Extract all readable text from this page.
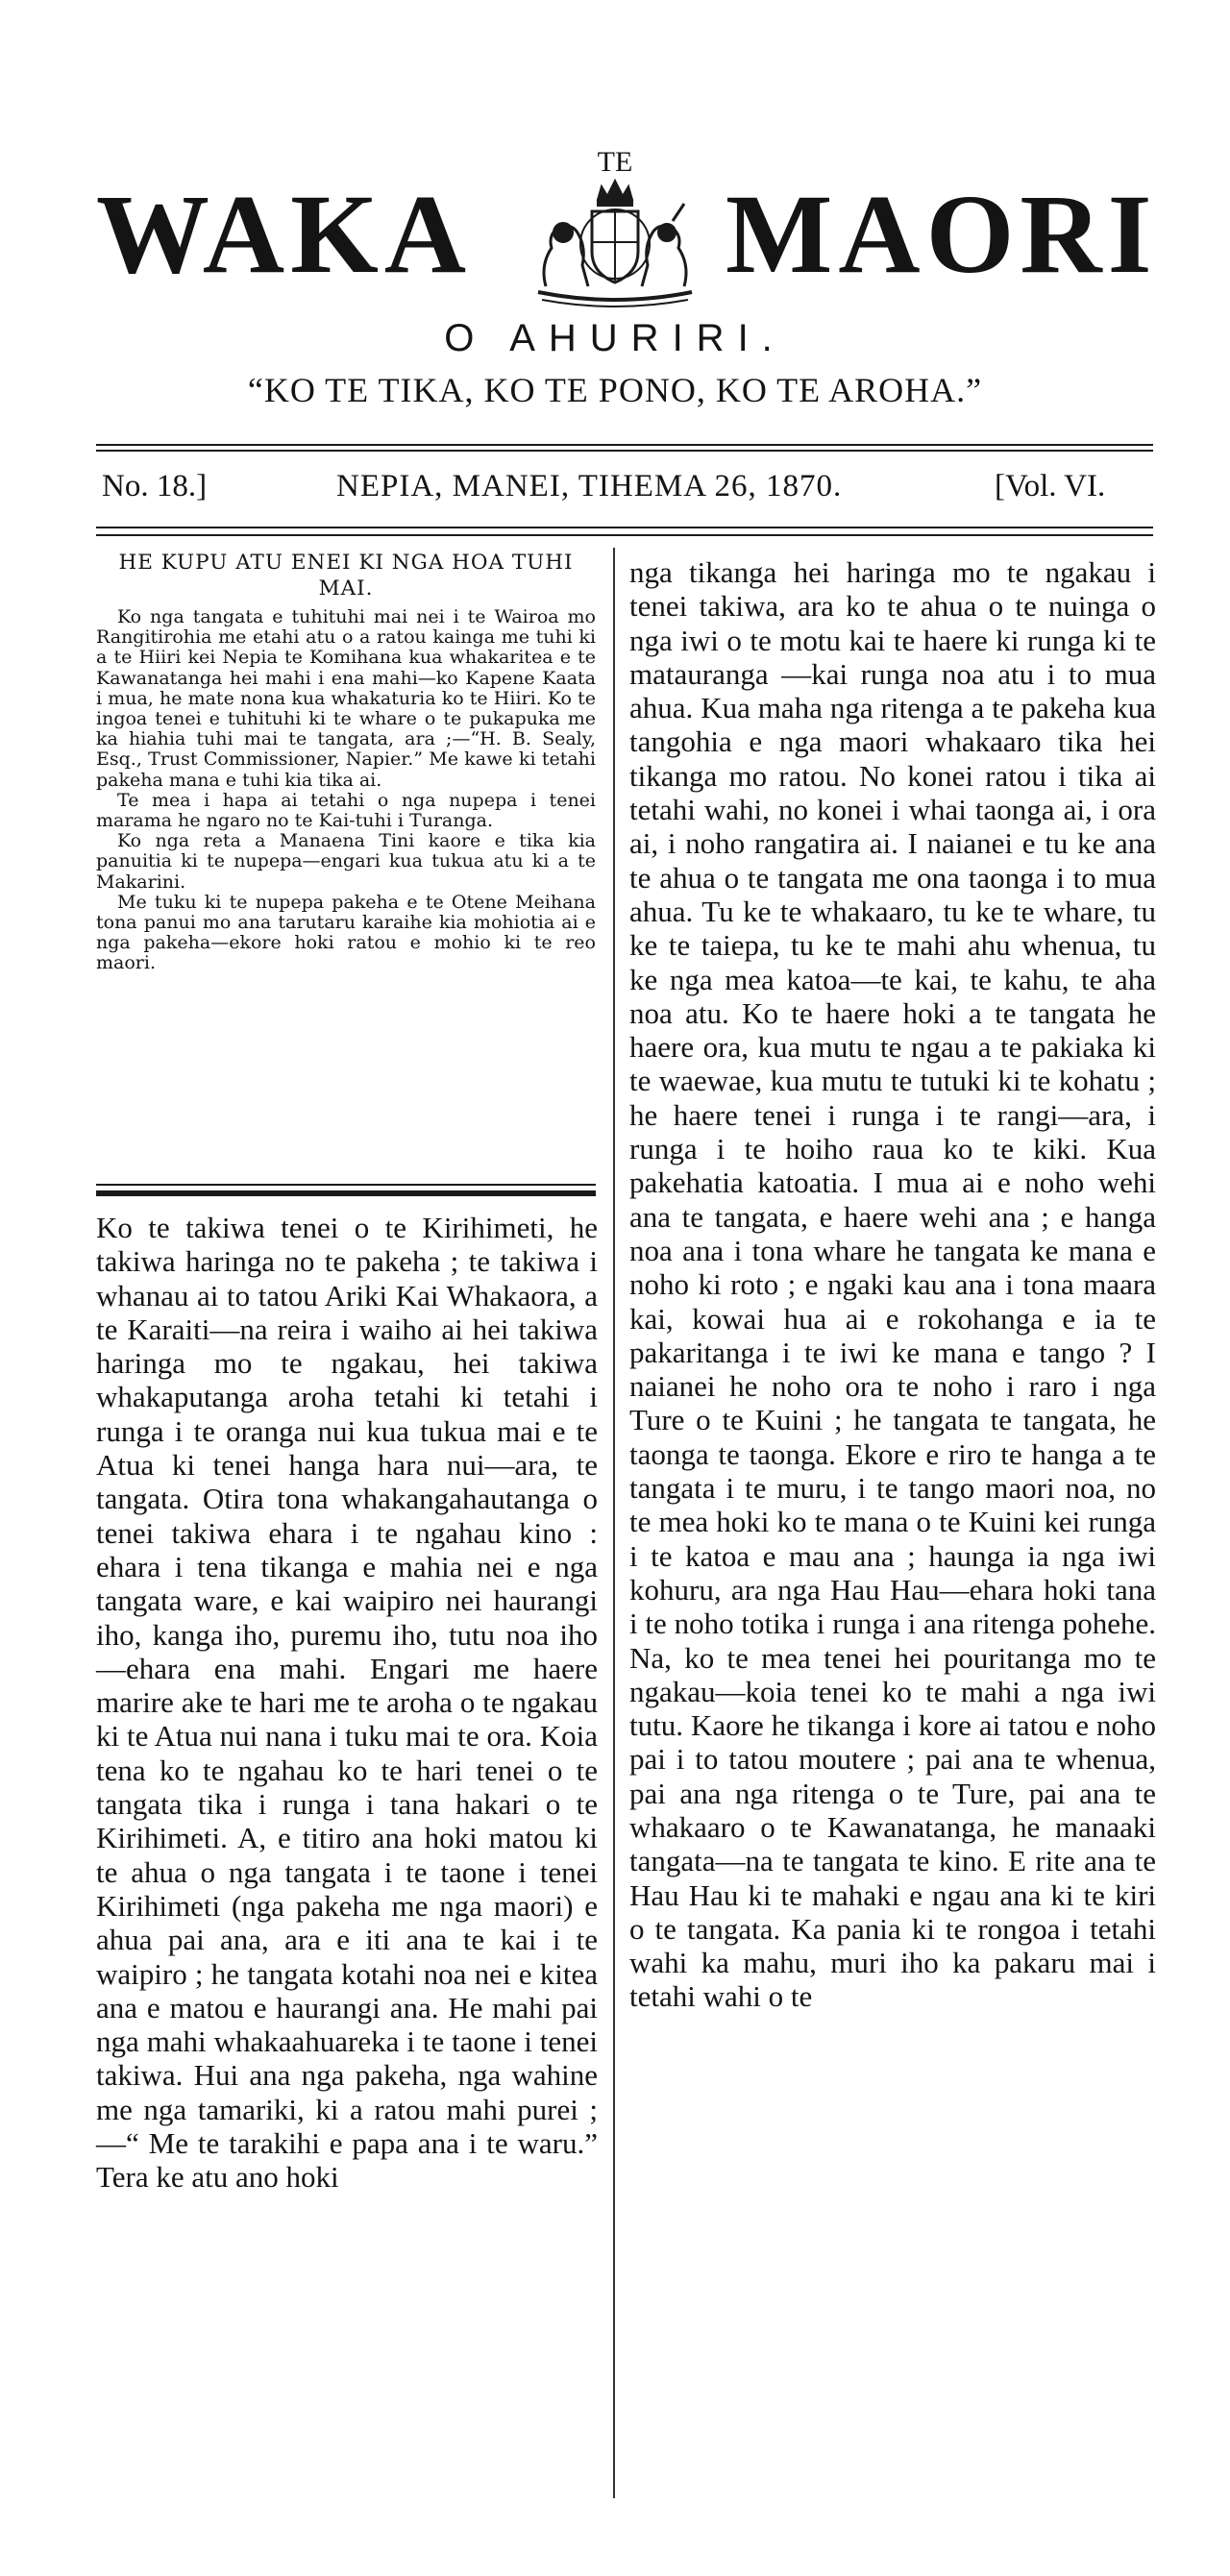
TE
WAKA MAORI
O AHURIRI.
“KO TE TIKA, KO TE PONO, KO TE AROHA.”
No. 18.]	NEPIA, MANEI, TIHEMA 26, 1870.	[Vol. VI.
HE KUPU ATU ENEI KI NGA HOA TUHI MAI.

Ko nga tangata e tuhituhi mai nei i te Wairoa mo Rangitirohia me etahi atu o a ratou kainga me tuhi ki a te Hiiri kei Nepia te Komihana kua whakaritea e te Kawanatanga hei mahi i ena mahi—ko Kapene Kaata i mua, he mate nona kua whakaturia ko te Hiiri. Ko te ingoa tenei e tuhituhi ki te whare o te pukapuka me ka hiahia tuhi mai te tangata, ara ;—“H. B. Sealy, Esq., Trust Commissioner, Napier.” Me kawe ki tetahi pakeha mana e tuhi kia tika ai.

Te mea i hapa ai tetahi o nga nupepa i tenei marama he ngaro no te Kai-tuhi i Turanga.

Ko nga reta a Manaena Tini kaore e tika kia panuitia ki te nupepa—engari kua tukua atu ki a te Makarini.

Me tuku ki te nupepa pakeha e te Otene Meihana tona panui mo ana tarutaru karaihe kia mohiotia ai e nga pakeha—ekore hoki ratou e mohio ki te reo maori.

Ko te takiwa tenei o te Kirihimeti, he takiwa haringa no te pakeha ; te takiwa i whanau ai to tatou Ariki Kai Whakaora, a te Karaiti—na reira i waiho ai hei takiwa haringa mo te ngakau, hei takiwa whakaputanga aroha tetahi ki tetahi i runga i te oranga nui kua tukua mai e te Atua ki tenei hanga hara nui—ara, te tangata. Otira tona whakangahautanga o tenei takiwa ehara i te ngahau kino : ehara i tena tikanga e mahia nei e nga tangata ware, e kai waipiro nei haurangi iho, kanga iho, puremu iho, tutu noa iho—ehara ena mahi. Engari me haere marire ake te hari me te aroha o te ngakau ki te Atua nui nana i tuku mai te ora. Koia tena ko te ngahau ko te hari tenei o te tangata tika i runga i tana hakari o te Kirihimeti. A, e titiro ana hoki matou ki te ahua o nga tangata i te taone i tenei Kirihimeti (nga pakeha me nga maori) e ahua pai ana, ara e iti ana te kai i te waipiro ; he tangata kotahi noa nei e kitea ana e matou e haurangi ana. He mahi pai nga mahi whakaahuareka i te taone i tenei takiwa. Hui ana nga pakeha, nga wahine me nga tamariki, ki a ratou mahi purei ;—“ Me te tarakihi e papa ana i te waru.” Tera ke atu ano hoki

nga tikanga hei haringa mo te ngakau i tenei takiwa, ara ko te ahua o te nuinga o nga iwi o te motu kai te haere ki runga ki te matauranga —kai runga noa atu i to mua ahua. Kua maha nga ritenga a te pakeha kua tangohia e nga maori whakaaro tika hei tikanga mo ratou. No konei ratou i tika ai tetahi wahi, no konei i whai taonga ai, i ora ai, i noho rangatira ai. I naianei e tu ke ana te ahua o te tangata me ona taonga i to mua ahua. Tu ke te whakaaro, tu ke te whare, tu ke te taiepa, tu ke te mahi ahu whenua, tu ke nga mea katoa—te kai, te kahu, te aha noa atu. Ko te haere hoki a te tangata he haere ora, kua mutu te ngau a te pakiaka ki te waewae, kua mutu te tutuki ki te kohatu ; he haere tenei i runga i te rangi—ara, i runga i te hoiho raua ko te kiki. Kua pakehatia katoatia. I mua ai e noho wehi ana te tangata, e haere wehi ana ; e hanga noa ana i tona whare he tangata ke mana e noho ki roto ; e ngaki kau ana i tona maara kai, kowai hua ai e rokohanga e ia te pakaritanga i te iwi ke mana e tango ? I naianei he noho ora te noho i raro i nga Ture o te Kuini ; he tangata te tangata, he taonga te taonga. Ekore e riro te hanga a te tangata i te muru, i te tango maori noa, no te mea hoki ko te mana o te Kuini kei runga i te katoa e mau ana ; haunga ia nga iwi kohuru, ara nga Hau Hau—ehara hoki tana i te noho totika i runga i ana ritenga pohehe. Na, ko te mea tenei hei pouritanga mo te ngakau—koia tenei ko te mahi a nga iwi tutu. Kaore he tikanga i kore ai tatou e noho pai i to tatou moutere ; pai ana te whenua, pai ana nga ritenga o te Ture, pai ana te whakaaro o te Kawanatanga, he manaaki tangata—na te tangata te kino. E rite ana te Hau Hau ki te mahaki e ngau ana ki te kiri o te tangata. Ka pania ki te rongoa i tetahi wahi ka mahu, muri iho ka pakaru mai i tetahi wahi o te
